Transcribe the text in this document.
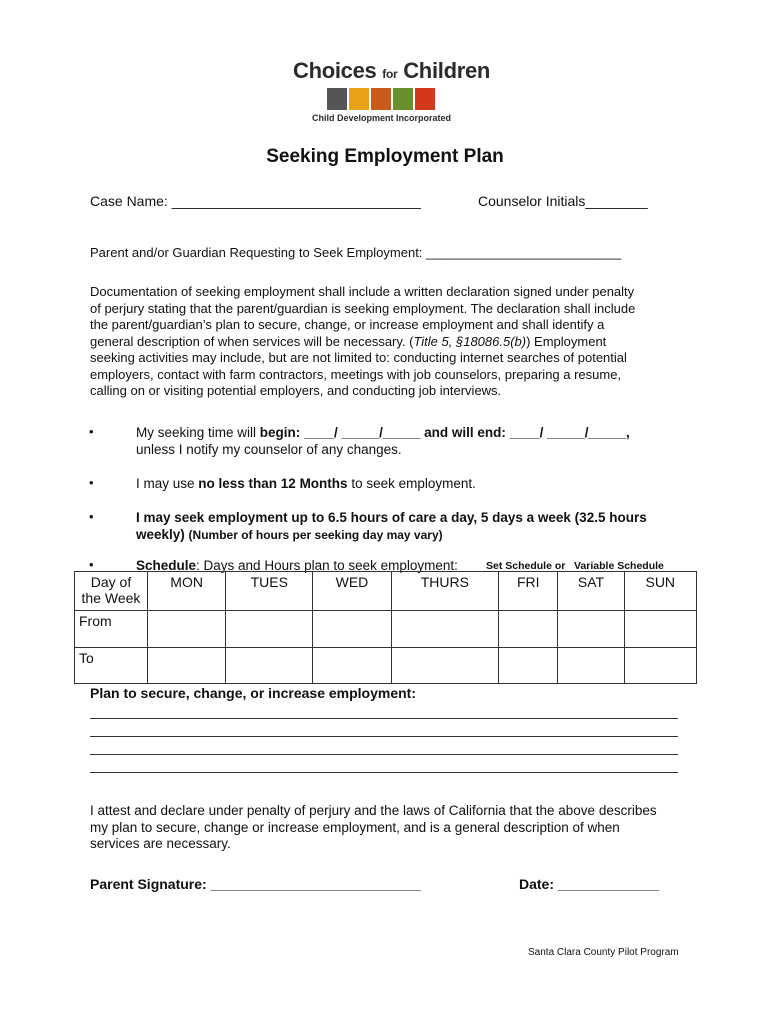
Choices for Children
Child Development Incorporated
Seeking Employment Plan
Case Name: ________________________________	Counselor Initials________
Parent and/or Guardian Requesting to Seek Employment: ___________________________
Documentation of seeking employment shall include a written declaration signed under penalty
of perjury stating that the parent/guardian is seeking employment. The declaration shall include
the parent/guardian’s plan to secure, change, or increase employment and shall identify a
general description of when services will be necessary. (Title 5, §18086.5(b)) Employment
seeking activities may include, but are not limited to: conducting internet searches of potential
employers, contact with farm contractors, meetings with job counselors, preparing a resume,
calling on or visiting potential employers, and conducting job interviews.
•	My seeking time will begin: ____/ _____/_____ and will end: ____/ _____/_____,
unless I notify my counselor of any changes.
•	I may use no less than 12 Months to seek employment.
•	I may seek employment up to 6.5 hours of care a day, 5 days a week (32.5 hours
weekly) (Number of hours per seeking day may vary)
•	Schedule: Days and Hours plan to seek employment:	Set Schedule or Variable Schedule
Day of
the Week	MON	TUES	WED	THURS	FRI	SAT	SUN
From							
To							
Plan to secure, change, or increase employment:
I attest and declare under penalty of perjury and the laws of California that the above describes
my plan to secure, change or increase employment, and is a general description of when
services are necessary.
Parent Signature: ___________________________	Date: _____________
Santa Clara County Pilot Program
